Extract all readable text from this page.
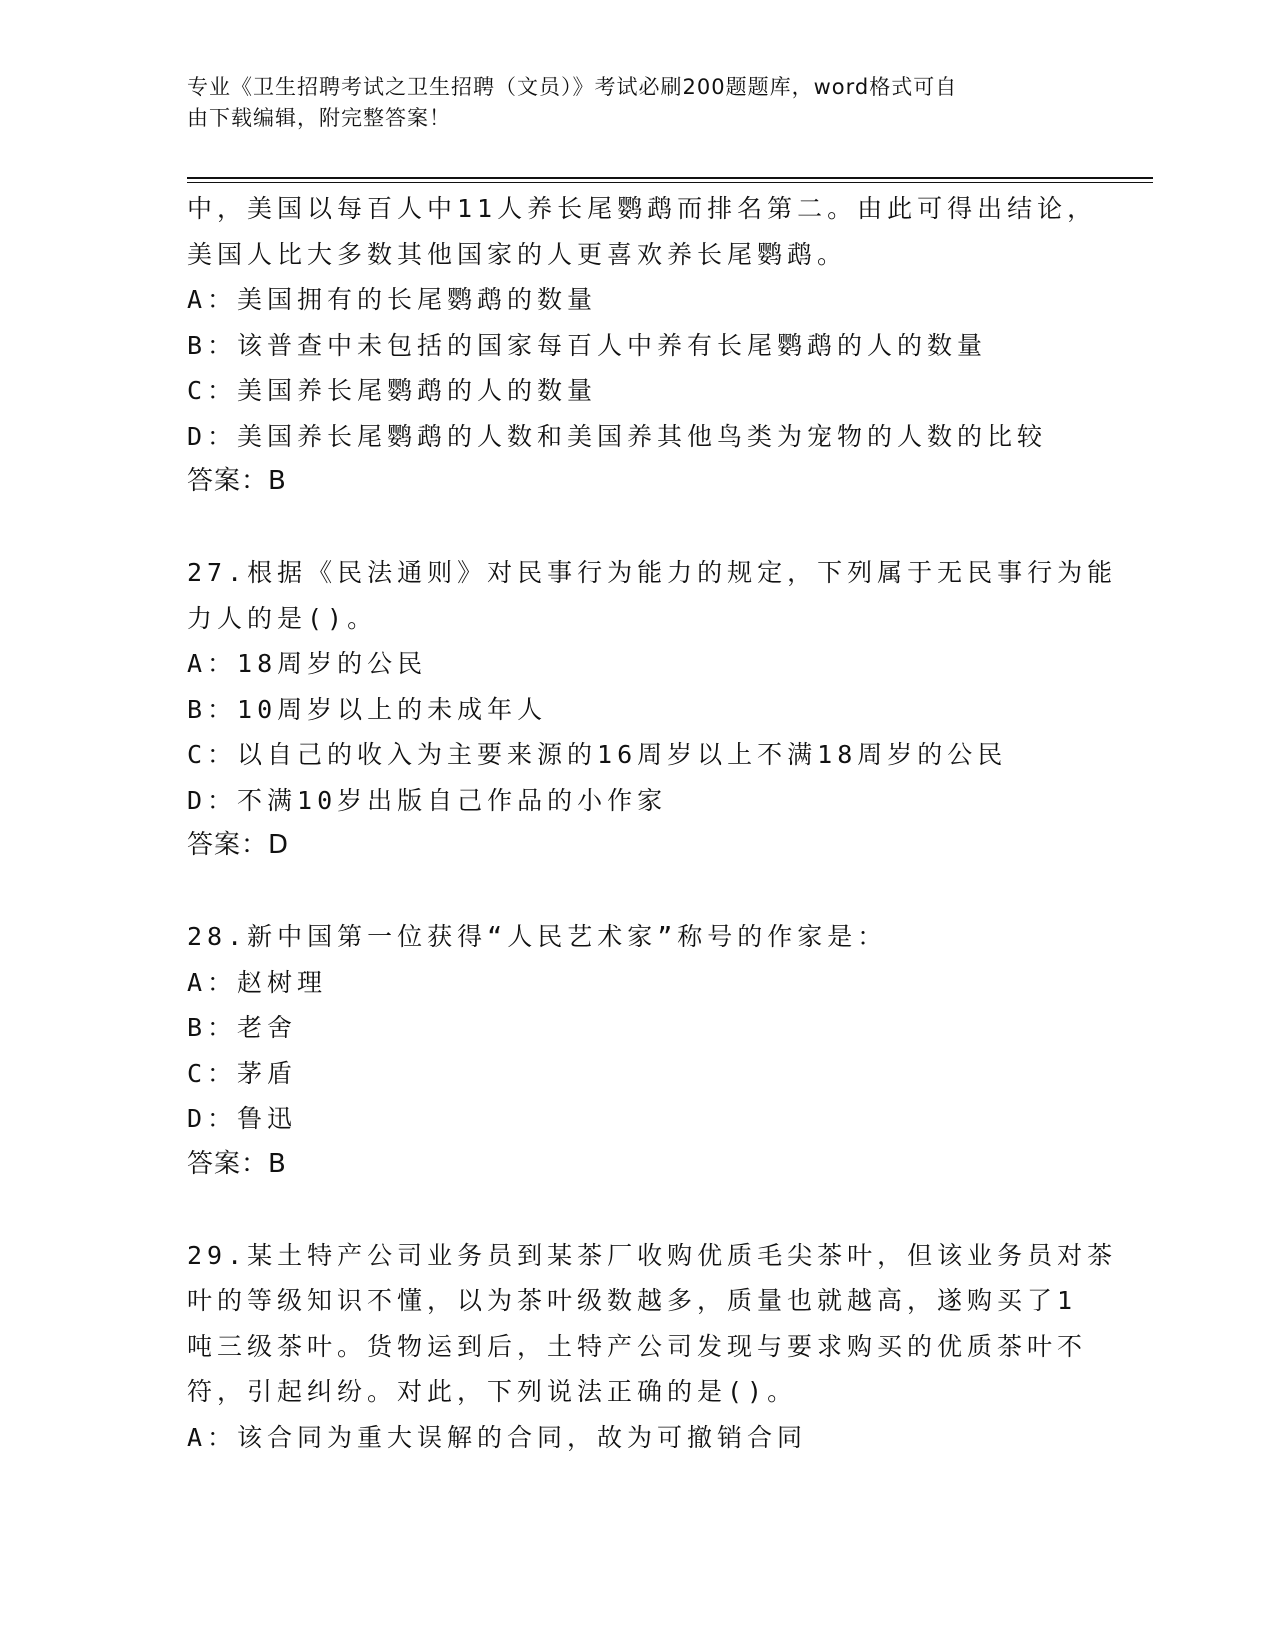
专业《卫生招聘考试之卫生招聘（文员）》考试必刷200题题库，word格式可自
由下载编辑，附完整答案！
中，美国以每百人中11人养长尾鹦鹉而排名第二。由此可得出结论，
美国人比大多数其他国家的人更喜欢养长尾鹦鹉。
A：美国拥有的长尾鹦鹉的数量
B：该普查中未包括的国家每百人中养有长尾鹦鹉的人的数量
C：美国养长尾鹦鹉的人的数量
D：美国养长尾鹦鹉的人数和美国养其他鸟类为宠物的人数的比较
答案：B
27.根据《民法通则》对民事行为能力的规定，下列属于无民事行为能
力人的是()。
A：18周岁的公民
B：10周岁以上的未成年人
C：以自己的收入为主要来源的16周岁以上不满18周岁的公民
D：不满10岁出版自己作品的小作家
答案：D
28.新中国第一位获得“人民艺术家”称号的作家是：
A：赵树理
B：老舍
C：茅盾
D：鲁迅
答案：B
29.某土特产公司业务员到某茶厂收购优质毛尖茶叶，但该业务员对茶
叶的等级知识不懂，以为茶叶级数越多，质量也就越高，遂购买了1
吨三级茶叶。货物运到后，土特产公司发现与要求购买的优质茶叶不
符，引起纠纷。对此，下列说法正确的是()。
A：该合同为重大误解的合同，故为可撤销合同
